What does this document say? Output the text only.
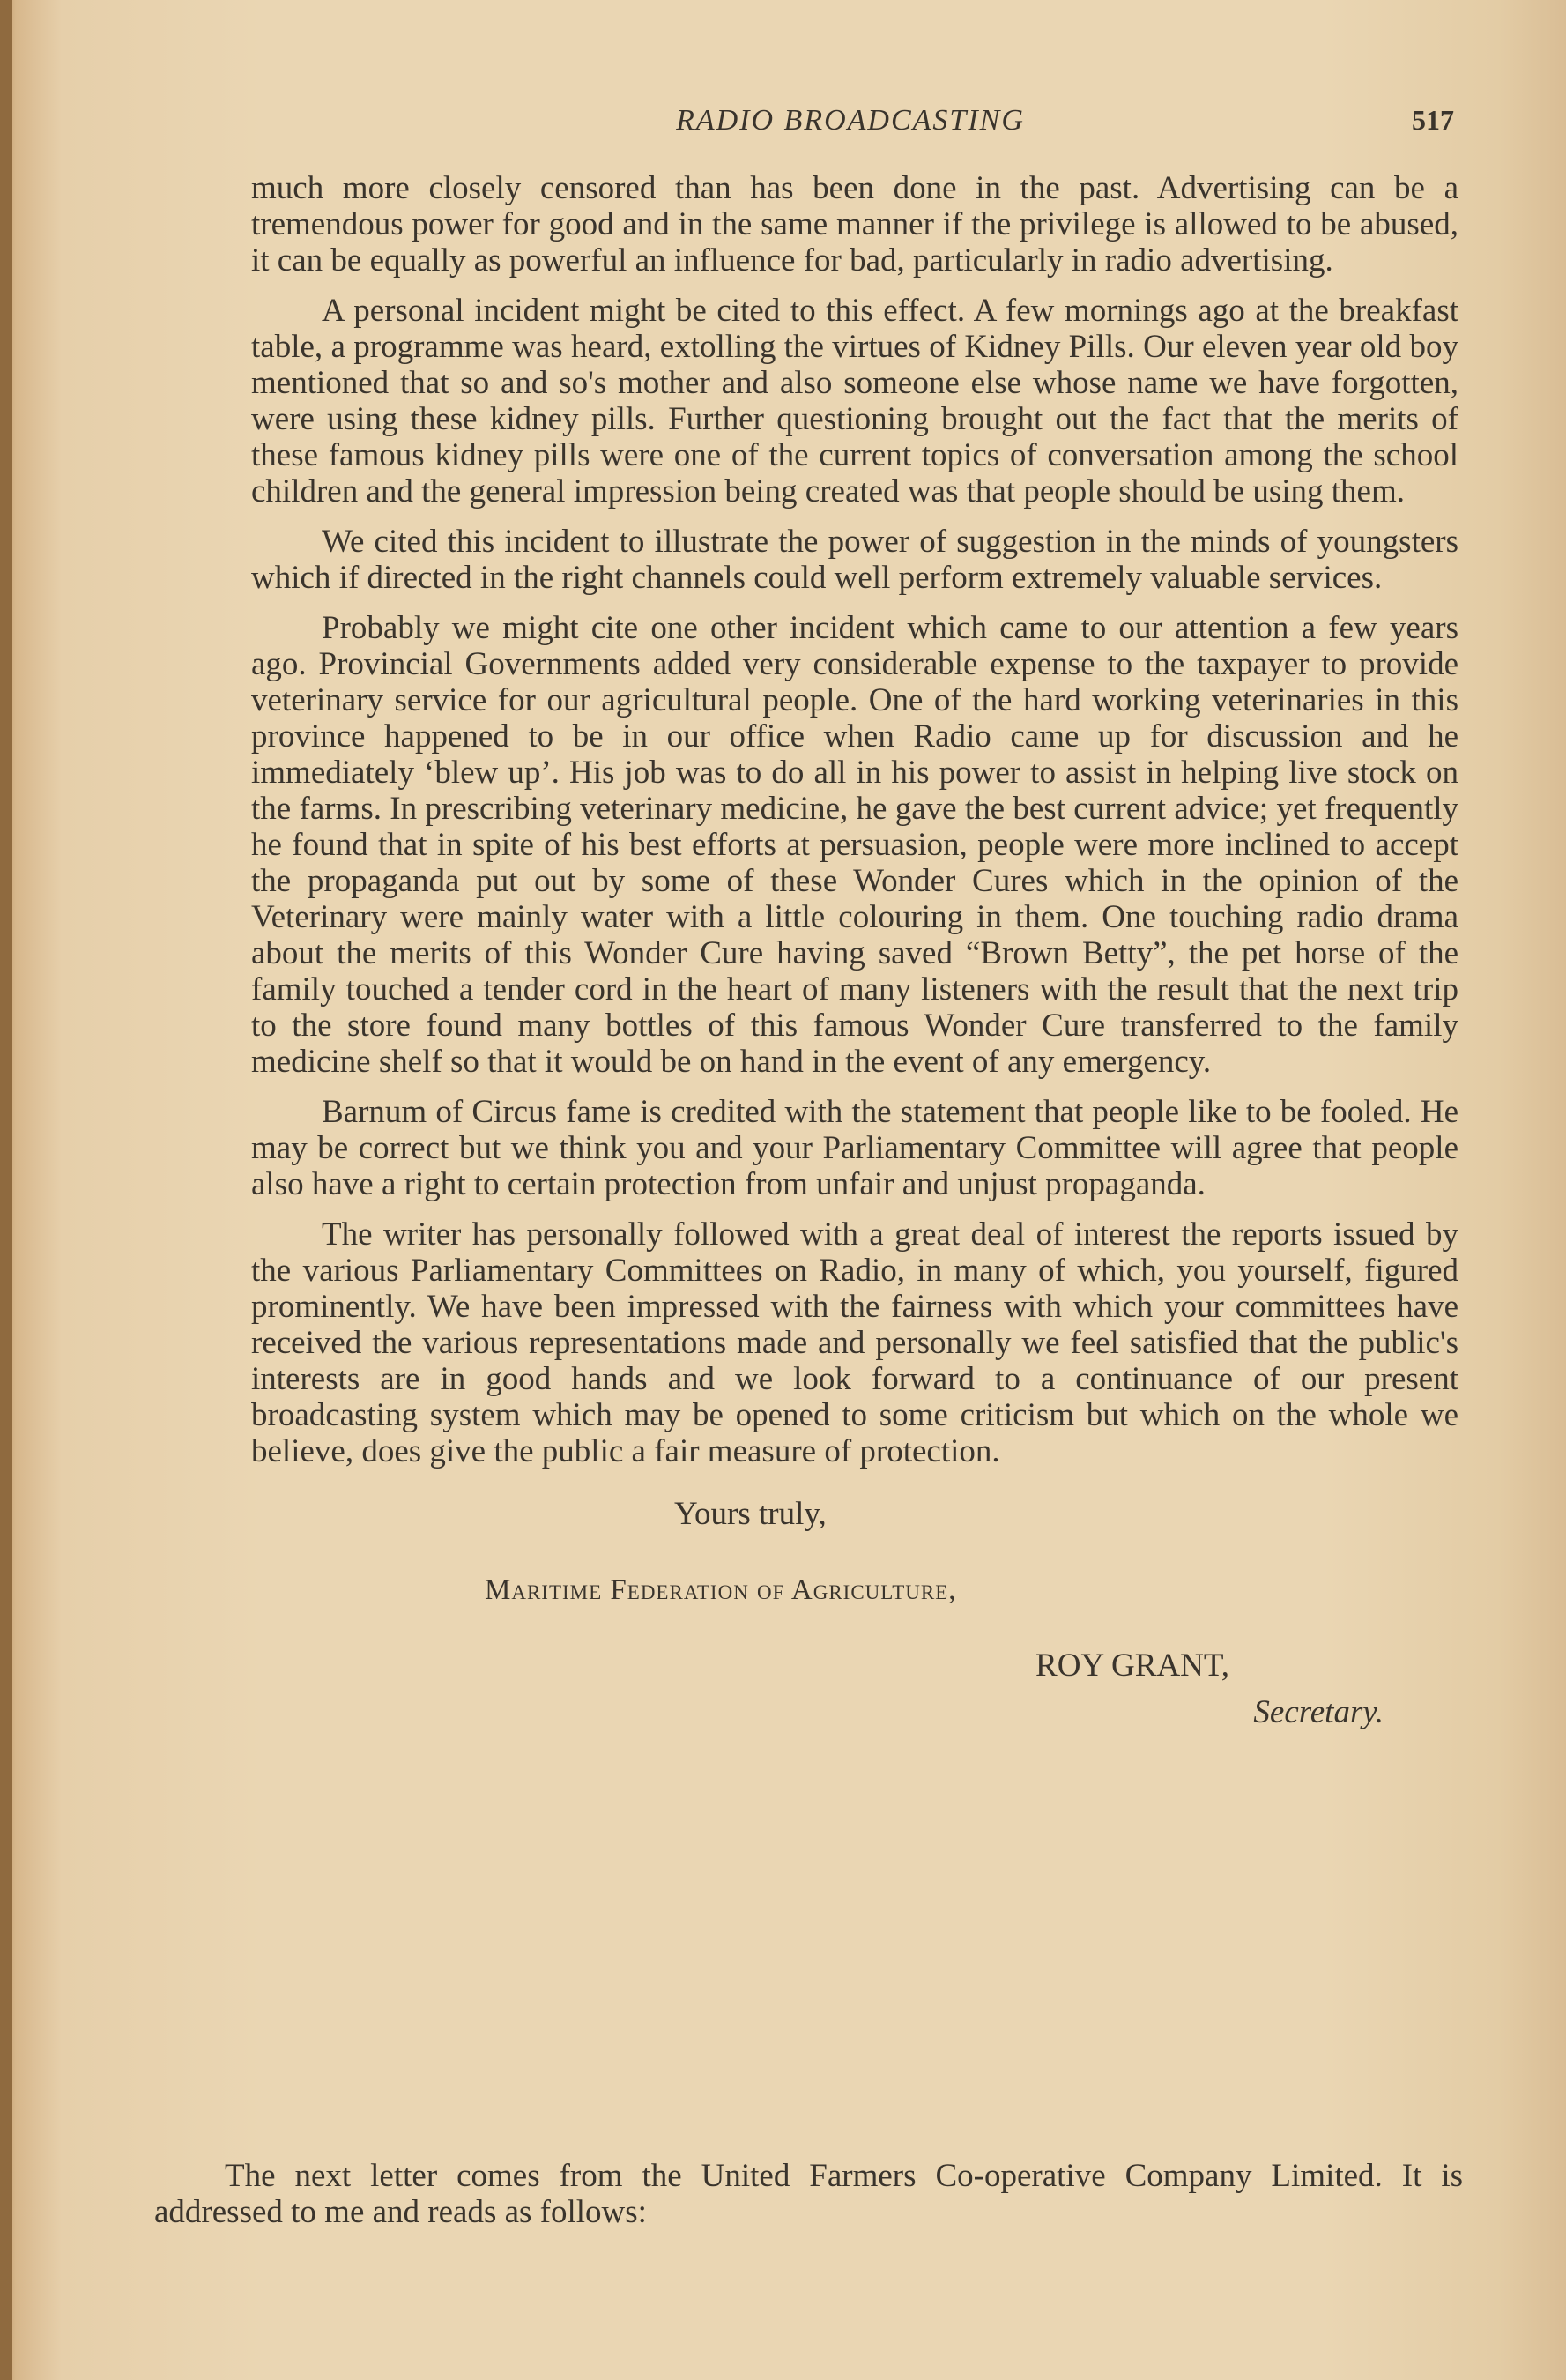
RADIO BROADCASTING	517

much more closely censored than has been done in the past. Advertising can be a tremendous power for good and in the same manner if the privilege is allowed to be abused, it can be equally as powerful an influence for bad, particularly in radio advertising.

A personal incident might be cited to this effect. A few mornings ago at the breakfast table, a programme was heard, extolling the virtues of Kidney Pills. Our eleven year old boy mentioned that so and so's mother and also someone else whose name we have forgotten, were using these kidney pills. Further questioning brought out the fact that the merits of these famous kidney pills were one of the current topics of conversation among the school children and the general impression being created was that people should be using them.

We cited this incident to illustrate the power of suggestion in the minds of youngsters which if directed in the right channels could well perform extremely valuable services.

Probably we might cite one other incident which came to our attention a few years ago. Provincial Governments added very considerable expense to the taxpayer to provide veterinary service for our agricultural people. One of the hard working veterinaries in this province happened to be in our office when Radio came up for discussion and he immediately ‘blew up’. His job was to do all in his power to assist in helping live stock on the farms. In prescribing veterinary medicine, he gave the best current advice; yet frequently he found that in spite of his best efforts at persuasion, people were more inclined to accept the propaganda put out by some of these Wonder Cures which in the opinion of the Veterinary were mainly water with a little colouring in them. One touching radio drama about the merits of this Wonder Cure having saved “Brown Betty”, the pet horse of the family touched a tender cord in the heart of many listeners with the result that the next trip to the store found many bottles of this famous Wonder Cure transferred to the family medicine shelf so that it would be on hand in the event of any emergency.

Barnum of Circus fame is credited with the statement that people like to be fooled. He may be correct but we think you and your Parliamentary Committee will agree that people also have a right to certain protection from unfair and unjust propaganda.

The writer has personally followed with a great deal of interest the reports issued by the various Parliamentary Committees on Radio, in many of which, you yourself, figured prominently. We have been impressed with the fairness with which your committees have received the various representations made and personally we feel satisfied that the public's interests are in good hands and we look forward to a continuance of our present broadcasting system which may be opened to some criticism but which on the whole we believe, does give the public a fair measure of protection.

Yours truly,
Maritime Federation of Agriculture,
ROY GRANT,
Secretary.
The next letter comes from the United Farmers Co-operative Company Limited. It is addressed to me and reads as follows:
